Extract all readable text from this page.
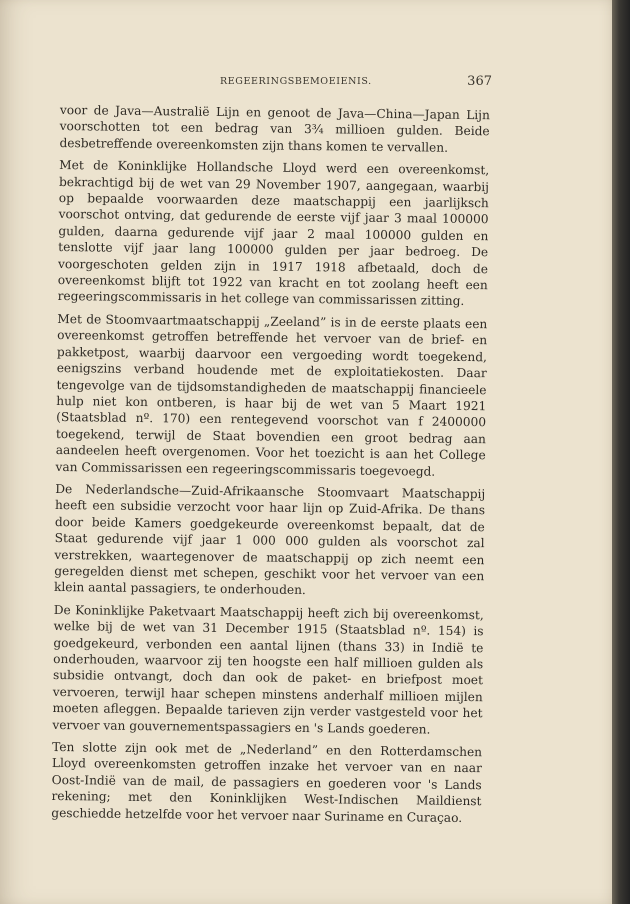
REGEERINGSBEMOEIENIS.	367

voor de Java—Australië Lijn en genoot de Java—China—Japan Lijn voorschotten tot een bedrag van 3¾ millioen gulden. Beide desbetreffende overeenkomsten zijn thans komen te vervallen.

Met de Koninklijke Hollandsche Lloyd werd een overeenkomst, bekrachtigd bij de wet van 29 November 1907, aangegaan, waarbij op bepaalde voorwaarden deze maatschappij een jaarlijksch voorschot ontving, dat gedurende de eerste vijf jaar 3 maal 100000 gulden, daarna gedurende vijf jaar 2 maal 100000 gulden en tenslotte vijf jaar lang 100000 gulden per jaar bedroeg. De voorgeschoten gelden zijn in 1917 1918 afbetaald, doch de overeenkomst blijft tot 1922 van kracht en tot zoolang heeft een regeeringscommissaris in het college van commissarissen zitting.

Met de Stoomvaartmaatschappij „Zeeland” is in de eerste plaats een overeenkomst getroffen betreffende het vervoer van de brief- en pakketpost, waarbij daarvoor een vergoeding wordt toegekend, eenigszins verband houdende met de exploitatiekosten. Daar tengevolge van de tijdsomstandigheden de maatschappij financieele hulp niet kon ontberen, is haar bij de wet van 5 Maart 1921 (Staatsblad nº. 170) een rentegevend voorschot van f 2400000 toegekend, terwijl de Staat bovendien een groot bedrag aan aandeelen heeft overgenomen. Voor het toezicht is aan het College van Commissarissen een regeeringscommissaris toegevoegd.

De Nederlandsche—Zuid-Afrikaansche Stoomvaart Maatschappij heeft een subsidie verzocht voor haar lijn op Zuid-Afrika. De thans door beide Kamers goedgekeurde overeenkomst bepaalt, dat de Staat gedurende vijf jaar 1 000 000 gulden als voorschot zal verstrekken, waartegenover de maatschappij op zich neemt een geregelden dienst met schepen, geschikt voor het vervoer van een klein aantal passagiers, te onderhouden.

De Koninklijke Paketvaart Maatschappij heeft zich bij overeenkomst, welke bij de wet van 31 December 1915 (Staatsblad nº. 154) is goedgekeurd, verbonden een aantal lijnen (thans 33) in Indië te onderhouden, waarvoor zij ten hoogste een half millioen gulden als subsidie ontvangt, doch dan ook de paket- en briefpost moet vervoeren, terwijl haar schepen minstens anderhalf millioen mijlen moeten afleggen. Bepaalde tarieven zijn verder vastgesteld voor het vervoer van gouvernementspassagiers en 's Lands goederen.

Ten slotte zijn ook met de „Nederland” en den Rotterdamschen Lloyd overeenkomsten getroffen inzake het vervoer van en naar Oost-Indië van de mail, de passagiers en goederen voor 's Lands rekening; met den Koninklijken West-Indischen Maildienst geschiedde hetzelfde voor het vervoer naar Suriname en Curaçao.
